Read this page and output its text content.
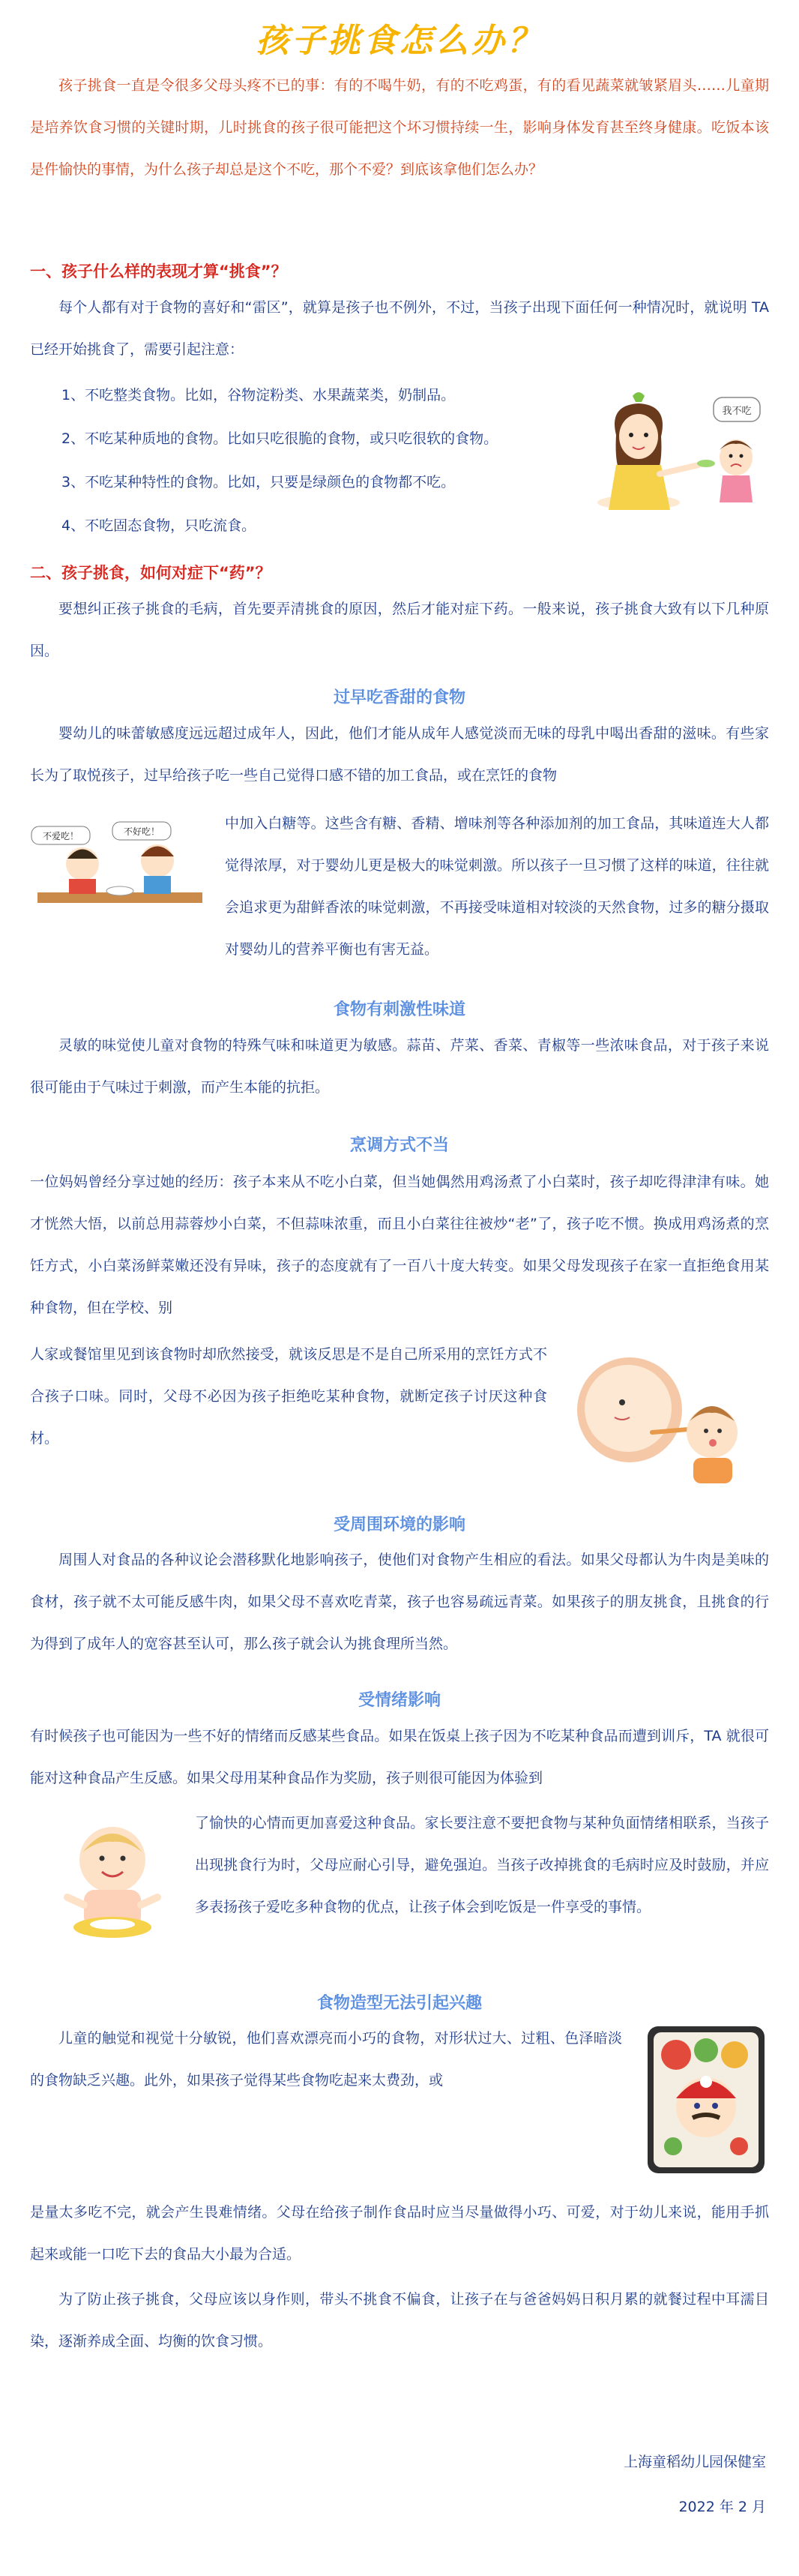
孩子挑食怎么办？

孩子挑食一直是令很多父母头疼不已的事：有的不喝牛奶，有的不吃鸡蛋，有的看见蔬菜就皱紧眉头……儿童期是培养饮食习惯的关键时期，儿时挑食的孩子很可能把这个坏习惯持续一生，影响身体发育甚至终身健康。吃饭本该是件愉快的事情，为什么孩子却总是这个不吃，那个不爱？到底该拿他们怎么办？

一、孩子什么样的表现才算“挑食”？

每个人都有对于食物的喜好和“雷区”，就算是孩子也不例外，不过，当孩子出现下面任何一种情况时，就说明 TA 已经开始挑食了，需要引起注意：

1、不吃整类食物。比如，谷物淀粉类、水果蔬菜类，奶制品。
2、不吃某种质地的食物。比如只吃很脆的食物，或只吃很软的食物。
3、不吃某种特性的食物。比如，只要是绿颜色的食物都不吃。
4、不吃固态食物，只吃流食。
我不吃
二、孩子挑食，如何对症下“药”？

要想纠正孩子挑食的毛病，首先要弄清挑食的原因，然后才能对症下药。一般来说，孩子挑食大致有以下几种原因。

过早吃香甜的食物

婴幼儿的味蕾敏感度远远超过成年人，因此，他们才能从成年人感觉淡而无味的母乳中喝出香甜的滋味。有些家长为了取悦孩子，过早给孩子吃一些自己觉得口感不错的加工食品，或在烹饪的食物

中加入白糖等。这些含有糖、香精、增味剂等各种添加剂的加工食品，其味道连大人都觉得浓厚，对于婴幼儿更是极大的味觉刺激。所以孩子一旦习惯了这样的味道，往往就会追求更为甜鲜香浓的味觉刺激，不再接受味道相对较淡的天然食物，过多的糖分摄取对婴幼儿的营养平衡也有害无益。

不爱吃！	不好吃！
食物有刺激性味道

灵敏的味觉使儿童对食物的特殊气味和味道更为敏感。蒜苗、芹菜、香菜、青椒等一些浓味食品，对于孩子来说很可能由于气味过于刺激，而产生本能的抗拒。

烹调方式不当

一位妈妈曾经分享过她的经历：孩子本来从不吃小白菜，但当她偶然用鸡汤煮了小白菜时，孩子却吃得津津有味。她才恍然大悟，以前总用蒜蓉炒小白菜，不但蒜味浓重，而且小白菜往往被炒“老”了，孩子吃不惯。换成用鸡汤煮的烹饪方式，小白菜汤鲜菜嫩还没有异味，孩子的态度就有了一百八十度大转变。如果父母发现孩子在家一直拒绝食用某种食物，但在学校、别

人家或餐馆里见到该食物时却欣然接受，就该反思是不是自己所采用的烹饪方式不合孩子口味。同时，父母不必因为孩子拒绝吃某种食物，就断定孩子讨厌这种食材。

受周围环境的影响

周围人对食品的各种议论会潜移默化地影响孩子，使他们对食物产生相应的看法。如果父母都认为牛肉是美味的食材，孩子就不太可能反感牛肉，如果父母不喜欢吃青菜，孩子也容易疏远青菜。如果孩子的朋友挑食，且挑食的行为得到了成年人的宽容甚至认可，那么孩子就会认为挑食理所当然。

受情绪影响

有时候孩子也可能因为一些不好的情绪而反感某些食品。如果在饭桌上孩子因为不吃某种食品而遭到训斥，TA 就很可能对这种食品产生反感。如果父母用某种食品作为奖励，孩子则很可能因为体验到

了愉快的心情而更加喜爱这种食品。家长要注意不要把食物与某种负面情绪相联系，当孩子出现挑食行为时，父母应耐心引导，避免强迫。当孩子改掉挑食的毛病时应及时鼓励，并应多表扬孩子爱吃多种食物的优点，让孩子体会到吃饭是一件享受的事情。

食物造型无法引起兴趣

儿童的触觉和视觉十分敏锐，他们喜欢漂亮而小巧的食物，对形状过大、过粗、色泽暗淡的食物缺乏兴趣。此外，如果孩子觉得某些食物吃起来太费劲，或

是量太多吃不完，就会产生畏难情绪。父母在给孩子制作食品时应当尽量做得小巧、可爱，对于幼儿来说，能用手抓起来或能一口吃下去的食品大小最为合适。

为了防止孩子挑食，父母应该以身作则，带头不挑食不偏食，让孩子在与爸爸妈妈日积月累的就餐过程中耳濡目染，逐渐养成全面、均衡的饮食习惯。

上海童稻幼儿园保健室
2022 年 2 月
